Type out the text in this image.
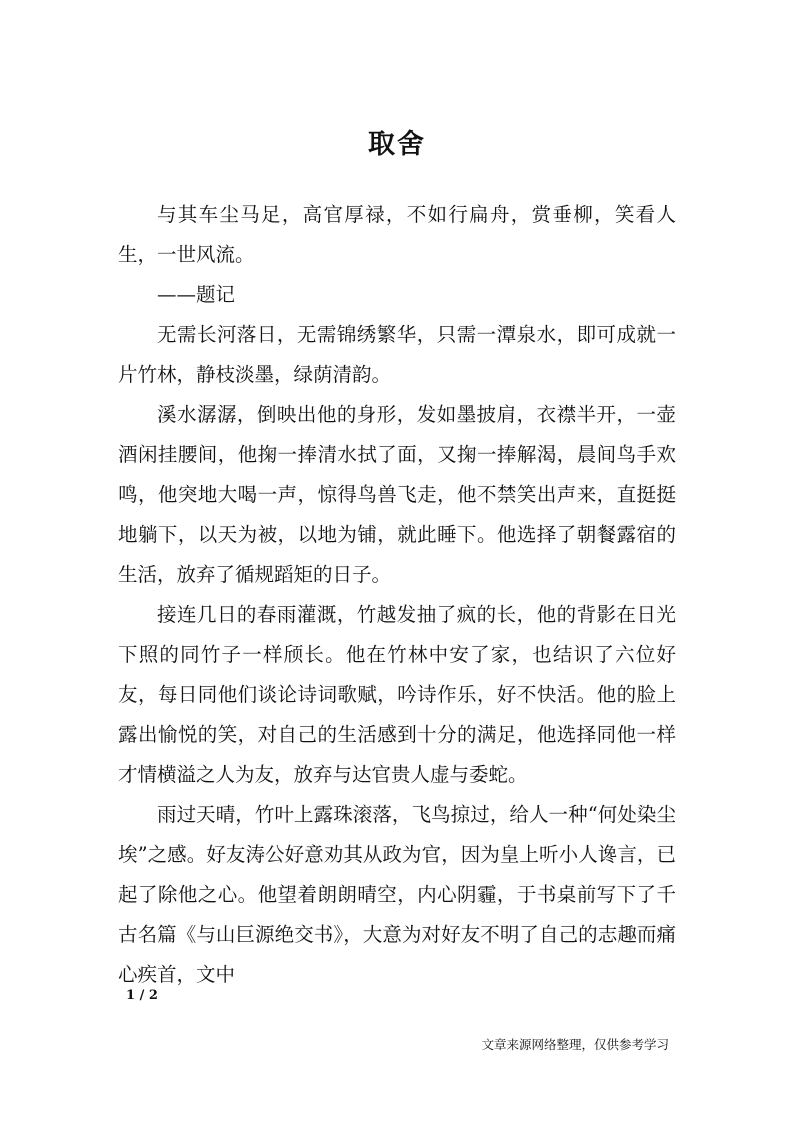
取舍

与其车尘马足，高官厚禄，不如行扁舟，赏垂柳，笑看人生，一世风流。

——题记

无需长河落日，无需锦绣繁华，只需一潭泉水，即可成就一片竹林，静枝淡墨，绿荫清韵。

溪水潺潺，倒映出他的身形，发如墨披肩，衣襟半开，一壶酒闲挂腰间，他掬一捧清水拭了面，又掬一捧解渴，晨间鸟手欢鸣，他突地大喝一声，惊得鸟兽飞走，他不禁笑出声来，直挺挺地躺下，以天为被，以地为铺，就此睡下。他选择了朝餐露宿的生活，放弃了循规蹈矩的日子。

接连几日的春雨灌溉，竹越发抽了疯的长，他的背影在日光下照的同竹子一样颀长。他在竹林中安了家，也结识了六位好友，每日同他们谈论诗词歌赋，吟诗作乐，好不快活。他的脸上露出愉悦的笑，对自己的生活感到十分的满足，他选择同他一样才情横溢之人为友，放弃与达官贵人虚与委蛇。

雨过天晴，竹叶上露珠滚落，飞鸟掠过，给人一种“何处染尘埃”之感。好友涛公好意劝其从政为官，因为皇上听小人谗言，已起了除他之心。他望着朗朗晴空，内心阴霾，于书桌前写下了千古名篇《与山巨源绝交书》，大意为对好友不明了自己的志趣而痛心疾首，文中

1 / 2
文章来源网络整理，仅供参考学习
